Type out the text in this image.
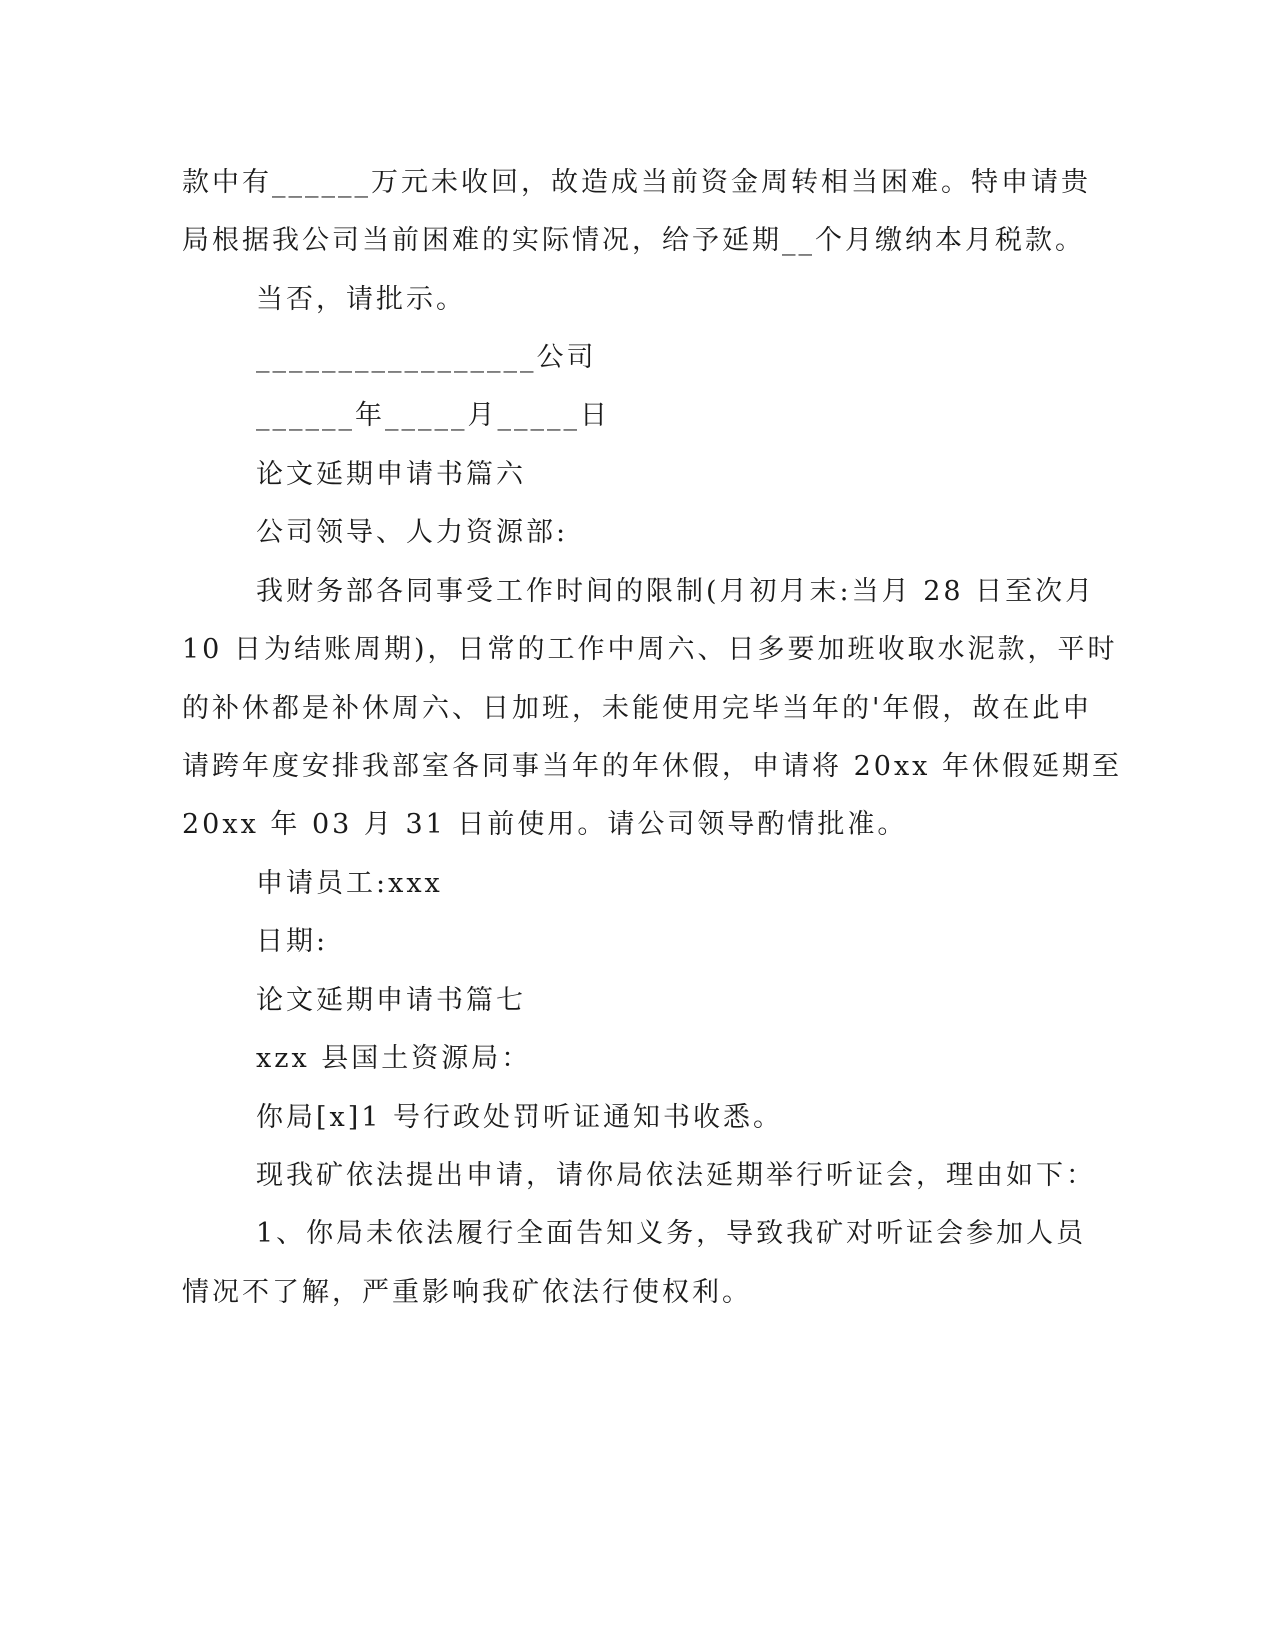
款中有______万元未收回，故造成当前资金周转相当困难。特申请贵
局根据我公司当前困难的实际情况，给予延期__个月缴纳本月税款。
当否，请批示。
_________________公司
______年_____月_____日
论文延期申请书篇六
公司领导、人力资源部:
我财务部各同事受工作时间的限制(月初月末:当月 28 日至次月
10 日为结账周期)，日常的工作中周六、日多要加班收取水泥款，平时
的补休都是补休周六、日加班，未能使用完毕当年的'年假，故在此申
请跨年度安排我部室各同事当年的年休假，申请将 20xx 年休假延期至
20xx 年 03 月 31 日前使用。请公司领导酌情批准。
申请员工:xxx
日期:
论文延期申请书篇七
xzx 县国土资源局：
你局[x]1 号行政处罚听证通知书收悉。
现我矿依法提出申请，请你局依法延期举行听证会，理由如下：
1、你局未依法履行全面告知义务，导致我矿对听证会参加人员
情况不了解，严重影响我矿依法行使权利。
